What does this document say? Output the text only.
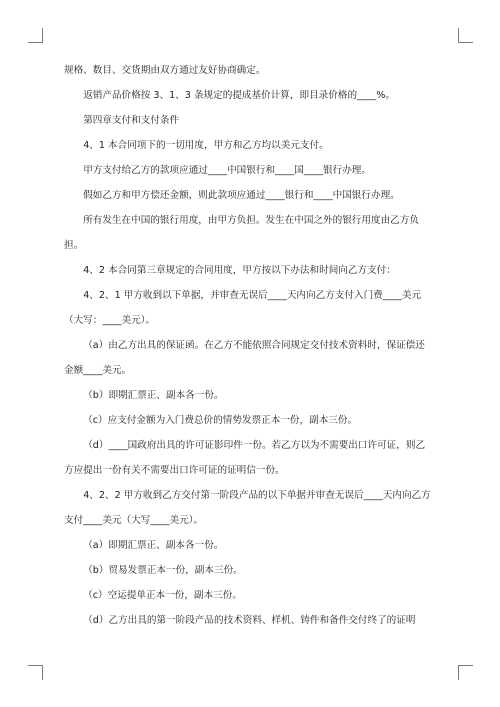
规格、数目、交货期由双方通过友好协商确定。

返销产品价格按 3、1、3 条规定的提成基价计算，即目录价格的____%。

第四章支付和支付条件

4、1 本合同项下的一切用度，甲方和乙方均以美元支付。

甲方支付给乙方的款项应通过____中国银行和____国____银行办理。

假如乙方和甲方偿还金额，则此款项应通过____银行和____中国银行办理。

所有发生在中国的银行用度，由甲方负担。发生在中国之外的银行用度由乙方负担。

4、2 本合同第三章规定的合同用度，甲方按以下办法和时间向乙方支付：

4、2、1 甲方收到以下单据，并审查无误后____天内向乙方支付入门费____美元（大写：____美元）。

（a）由乙方出具的保证函。在乙方不能依照合同规定交付技术资料时，保证偿还金额____美元。

（b）即期汇票正、副本各一份。

（c）应支付金额为入门费总价的情势发票正本一份，副本三份。

（d）____国政府出具的许可证影印件一份。若乙方以为不需要出口许可证，则乙方应提出一份有关不需要出口许可证的证明信一份。

4、2、2 甲方收到乙方交付第一阶段产品的以下单据并审查无误后____天内向乙方支付____美元（大写____美元）。

（a）即期汇票正、副本各一份。

（b）贸易发票正本一份，副本三份。

（c）空运提单正本一份，副本三份。

（d）乙方出具的第一阶段产品的技术资料、样机、铸件和备件交付终了的证明
